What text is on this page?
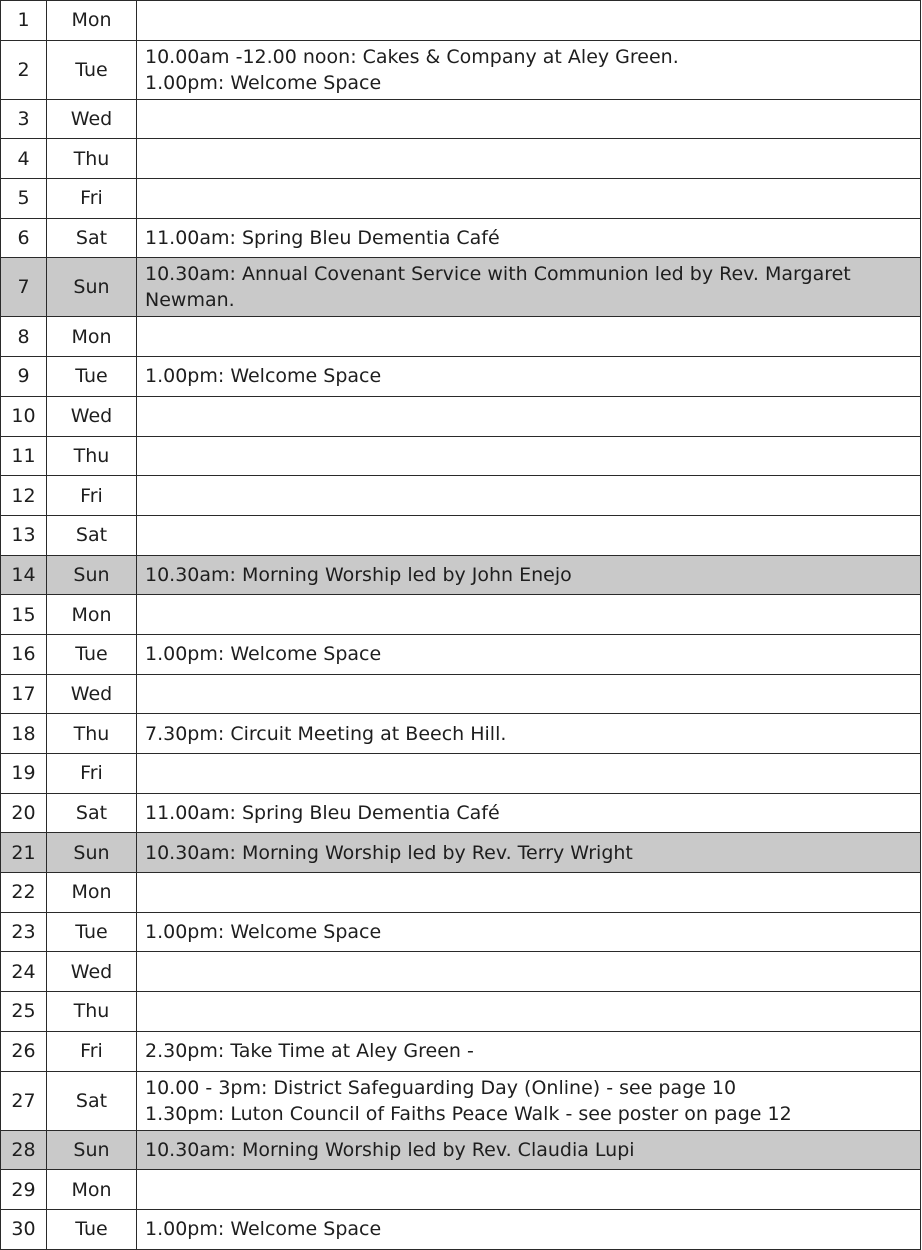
1	Mon	
2	Tue	10.00am -12.00 noon: Cakes & Company at Aley Green.
1.00pm: Welcome Space

3	Wed	
4	Thu	
5	Fri	
6	Sat	11.00am: Spring Bleu Dementia Café

7	Sun	10.30am: Annual Covenant Service with Communion led by Rev. Margaret Newman.

8	Mon	
9	Tue	1.00pm: Welcome Space

10	Wed	
11	Thu	
12	Fri	
13	Sat	
14	Sun	10.30am: Morning Worship led by John Enejo

15	Mon	
16	Tue	1.00pm: Welcome Space

17	Wed	
18	Thu	7.30pm: Circuit Meeting at Beech Hill.

19	Fri	
20	Sat	11.00am: Spring Bleu Dementia Café

21	Sun	10.30am: Morning Worship led by Rev. Terry Wright

22	Mon	
23	Tue	1.00pm: Welcome Space

24	Wed	
25	Thu	
26	Fri	2.30pm: Take Time at Aley Green -

27	Sat	10.00 - 3pm: District Safeguarding Day (Online) - see page 10
1.30pm: Luton Council of Faiths Peace Walk - see poster on page 12

28	Sun	10.30am: Morning Worship led by Rev. Claudia Lupi

29	Mon	
30	Tue	1.00pm: Welcome Space
